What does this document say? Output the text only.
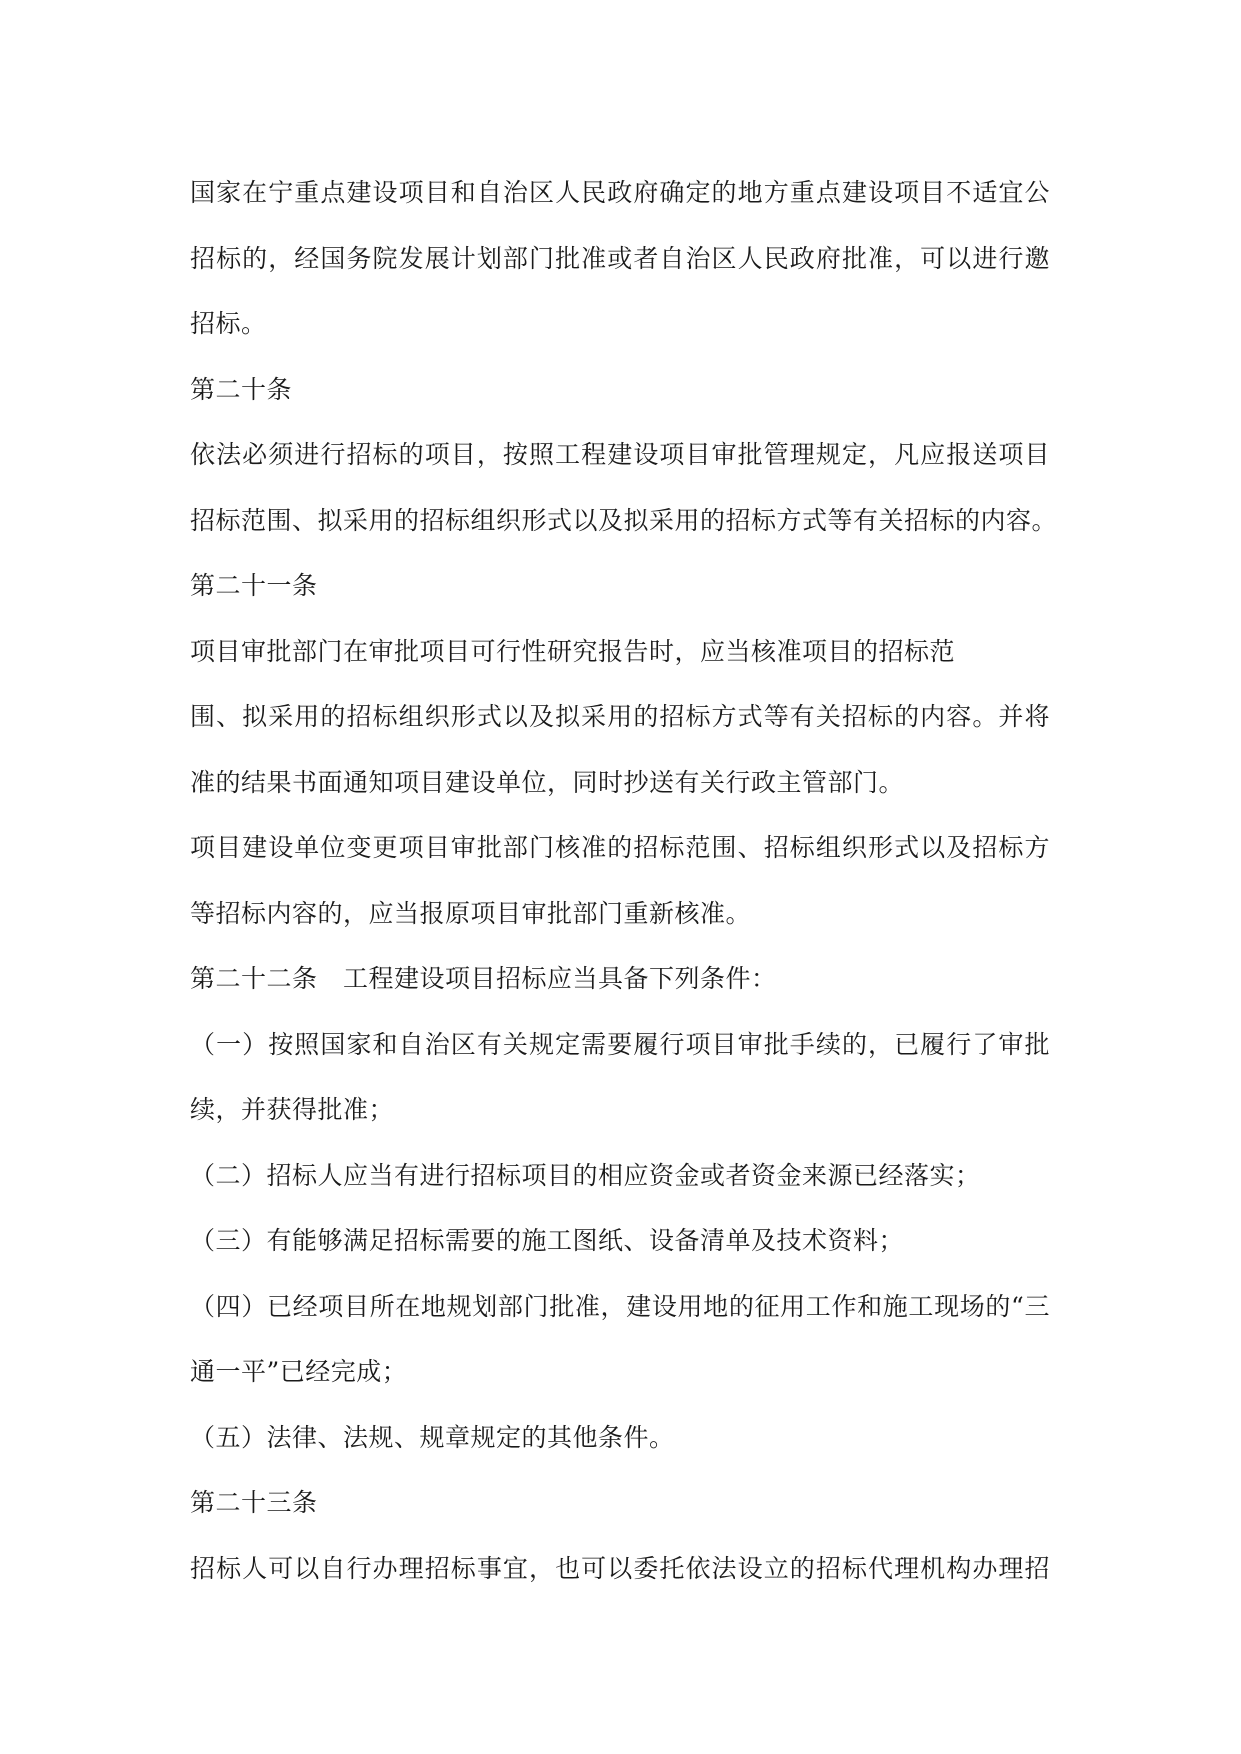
国家在宁重点建设项目和自治区人民政府确定的地方重点建设项目不适宜公
招标的，经国务院发展计划部门批准或者自治区人民政府批准，可以进行邀
招标。
第二十条
依法必须进行招标的项目，按照工程建设项目审批管理规定，凡应报送项目
招标范围、拟采用的招标组织形式以及拟采用的招标方式等有关招标的内容。
第二十一条
项目审批部门在审批项目可行性研究报告时，应当核准项目的招标范
围、拟采用的招标组织形式以及拟采用的招标方式等有关招标的内容。并将
准的结果书面通知项目建设单位，同时抄送有关行政主管部门。
项目建设单位变更项目审批部门核准的招标范围、招标组织形式以及招标方
等招标内容的，应当报原项目审批部门重新核准。
第二十二条　工程建设项目招标应当具备下列条件：
（一）按照国家和自治区有关规定需要履行项目审批手续的，已履行了审批
续，并获得批准；
（二）招标人应当有进行招标项目的相应资金或者资金来源已经落实；
（三）有能够满足招标需要的施工图纸、设备清单及技术资料；
（四）已经项目所在地规划部门批准，建设用地的征用工作和施工现场的“三
通一平”已经完成；
（五）法律、法规、规章规定的其他条件。
第二十三条
招标人可以自行办理招标事宜，也可以委托依法设立的招标代理机构办理招
